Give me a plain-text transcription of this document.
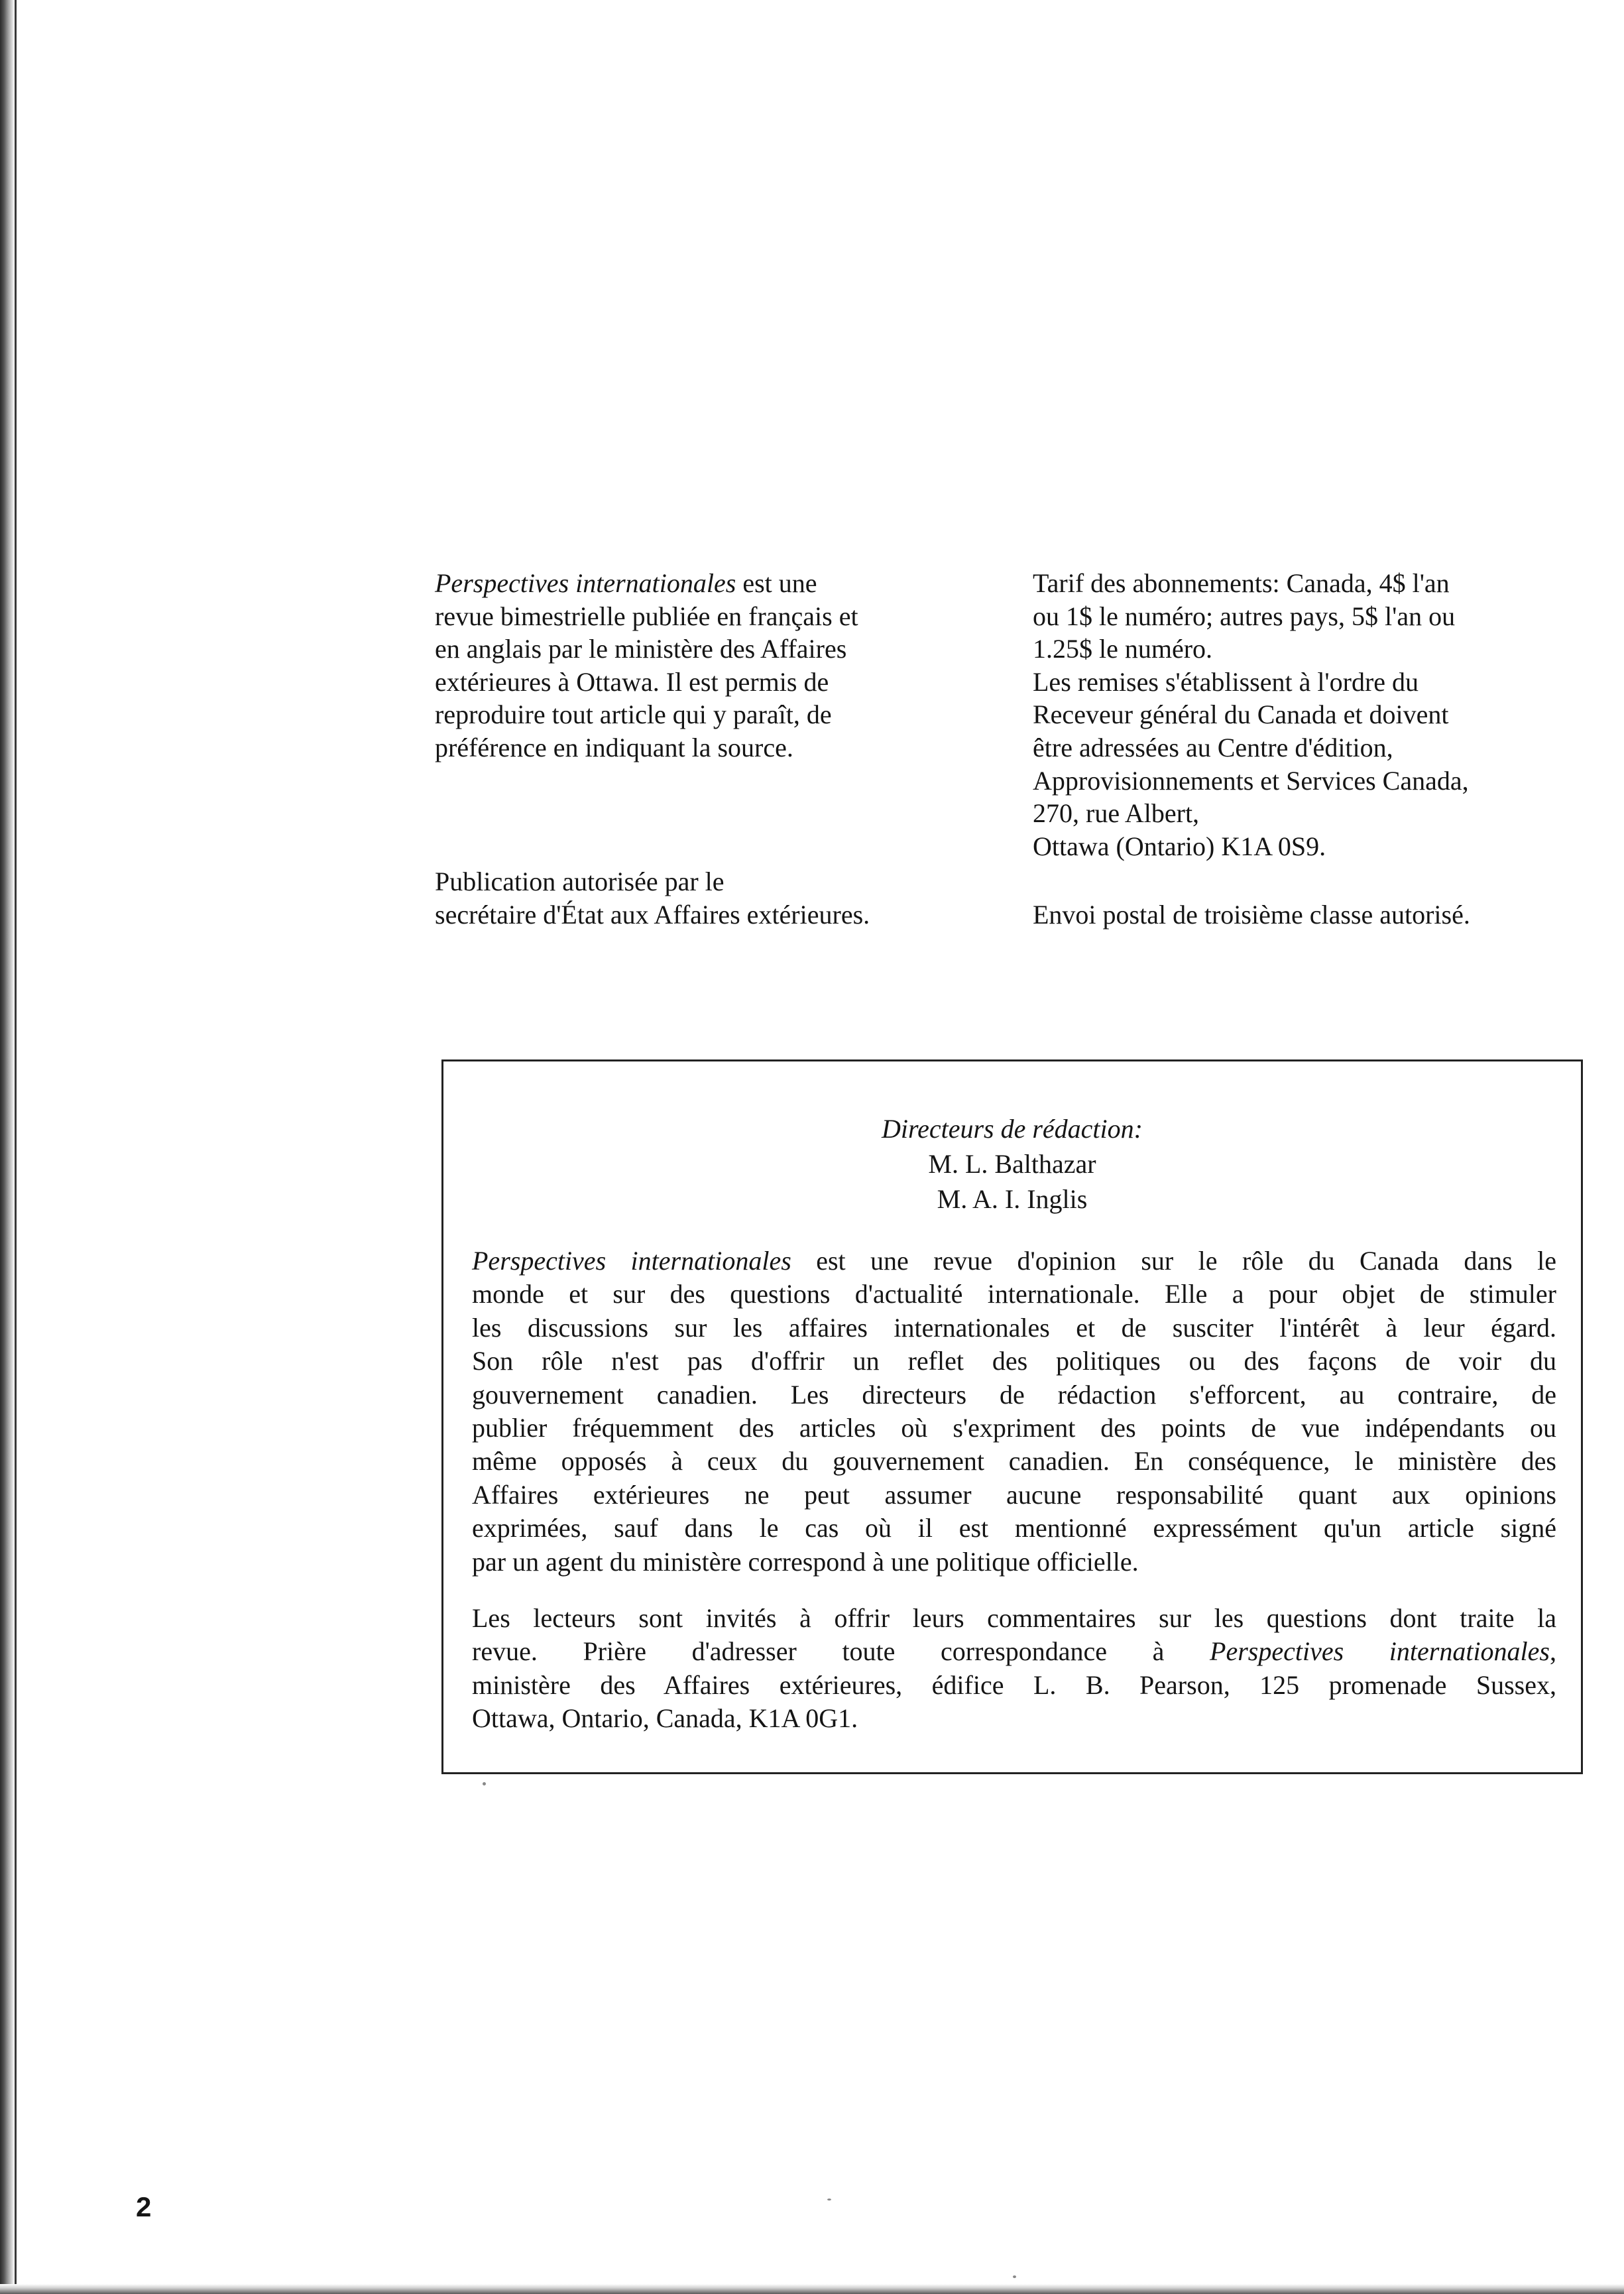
Perspectives internationales est une
revue bimestrielle publiée en français et
en anglais par le ministère des Affaires
extérieures à Ottawa. Il est permis de
reproduire tout article qui y paraît, de
préférence en indiquant la source.
Publication autorisée par le
secrétaire d'État aux Affaires extérieures.
Tarif des abonnements: Canada, 4$ l'an
ou 1$ le numéro; autres pays, 5$ l'an ou
1.25$ le numéro.
Les remises s'établissent à l'ordre du
Receveur général du Canada et doivent
être adressées au Centre d'édition,
Approvisionnements et Services Canada,
270, rue Albert,
Ottawa (Ontario) K1A 0S9.
Envoi postal de troisième classe autorisé.
Directeurs de rédaction:
M. L. Balthazar
M. A. I. Inglis
Perspectives internationales est une revue d'opinion sur le rôle du Canada dans le
monde et sur des questions d'actualité internationale. Elle a pour objet de stimuler
les discussions sur les affaires internationales et de susciter l'intérêt à leur égard.
Son rôle n'est pas d'offrir un reflet des politiques ou des façons de voir du
gouvernement canadien. Les directeurs de rédaction s'efforcent, au contraire, de
publier fréquemment des articles où s'expriment des points de vue indépendants ou
même opposés à ceux du gouvernement canadien. En conséquence, le ministère des
Affaires extérieures ne peut assumer aucune responsabilité quant aux opinions
exprimées, sauf dans le cas où il est mentionné expressément qu'un article signé
par un agent du ministère correspond à une politique officielle.
Les lecteurs sont invités à offrir leurs commentaires sur les questions dont traite la
revue. Prière d'adresser toute correspondance à Perspectives internationales,
ministère des Affaires extérieures, édifice L. B. Pearson, 125 promenade Sussex,
Ottawa, Ontario, Canada, K1A 0G1.
2
